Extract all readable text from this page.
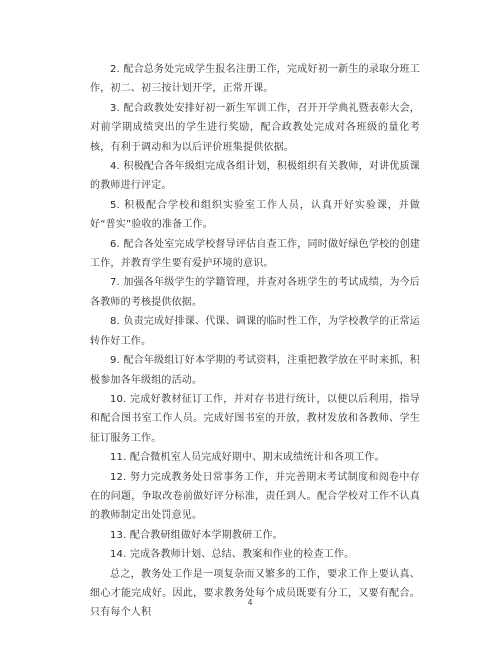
2. 配合总务处完成学生报名注册工作，完成好初一新生的录取分班工作，初二、初三按计划开学，正常开课。

3. 配合政教处安排好初一新生军训工作，召开开学典礼暨表彰大会，对前学期成绩突出的学生进行奖励，配合政教处完成对各班级的量化考核，有利于调动和为以后评价班集提供依据。

4. 积极配合各年级组完成各组计划，积极组织有关教师，对讲优质课的教师进行评定。

5. 积极配合学校和组织实验室工作人员，认真开好实验课，并做好“普实”验收的准备工作。

6. 配合各处室完成学校督导评估自查工作，同时做好绿色学校的创建工作，并教育学生要有爱护环境的意识。

7. 加强各年级学生的学籍管理，并查对各班学生的考试成绩，为今后各教师的考核提供依据。

8. 负责完成好排课、代课、调课的临时性工作，为学校教学的正常运转作好工作。

9. 配合年级组订好本学期的考试资料，注重把教学放在平时来抓，积极参加各年级组的活动。

10. 完成好教材征订工作，并对存书进行统计，以便以后利用，指导和配合图书室工作人员。完成好图书室的开放，教材发放和各教师、学生征订服务工作。

11. 配合微机室人员完成好期中、期末成绩统计和各项工作。

12. 努力完成教务处日常事务工作，并完善期末考试制度和阅卷中存在的问题，争取改卷前做好评分标准，责任到人。配合学校对工作不认真的教师制定出处罚意见。

13. 配合教研组做好本学期教研工作。

14. 完成各教师计划、总结、教案和作业的检查工作。

总之，教务处工作是一项复杂而又繁多的工作，要求工作上要认真、细心才能完成好。因此，要求教务处每个成员既要有分工，又要有配合。只有每个人积

4
